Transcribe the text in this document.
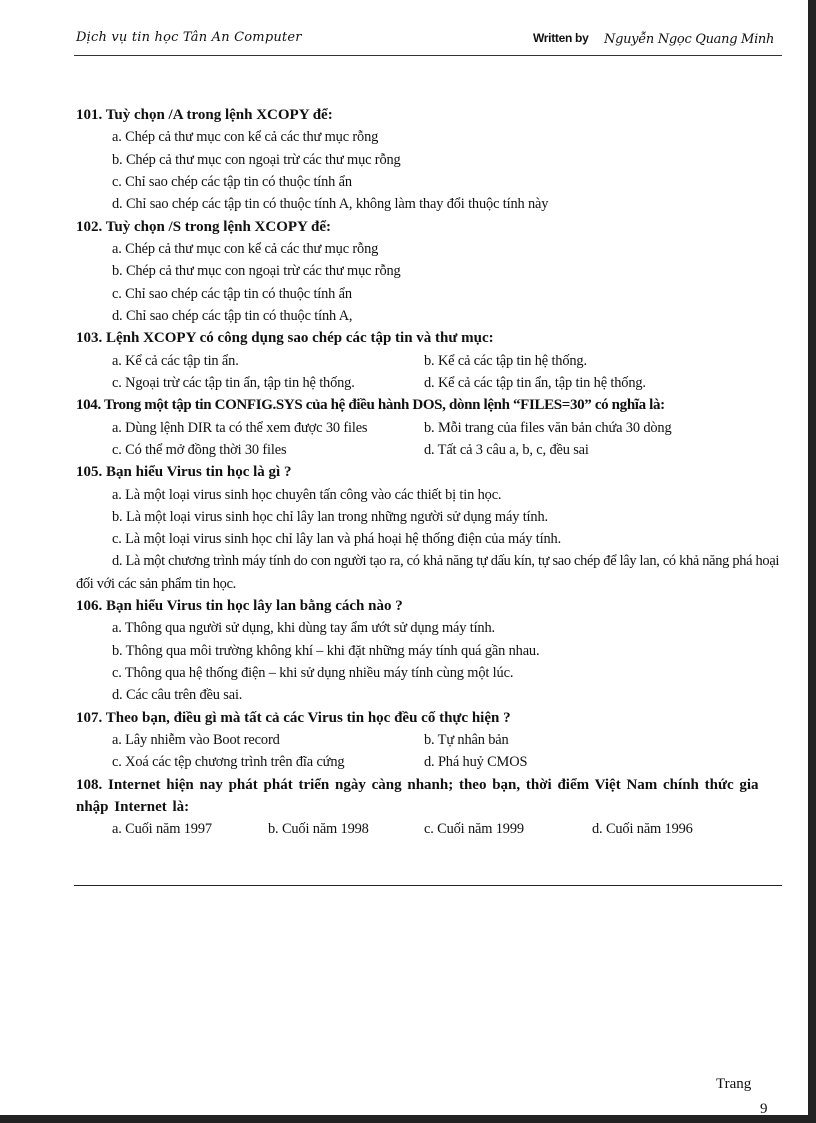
Dịch vụ tin học Tân An Computer	Written by Nguyễn Ngọc Quang Minh
101. Tuỳ chọn /A trong lệnh XCOPY để:
a. Chép cả thư mục con kể cả các thư mục rỗng
b. Chép cả thư mục con ngoại trừ các thư mục rỗng
c. Chỉ sao chép các tập tin có thuộc tính ẩn
d. Chỉ sao chép các tập tin có thuộc tính A, không làm thay đổi thuộc tính này
102. Tuỳ chọn /S trong lệnh XCOPY để:
a. Chép cả thư mục con kể cả các thư mục rỗng
b. Chép cả thư mục con ngoại trừ các thư mục rỗng
c. Chỉ sao chép các tập tin có thuộc tính ẩn
d. Chỉ sao chép các tập tin có thuộc tính A,
103. Lệnh XCOPY có công dụng sao chép các tập tin và thư mục:
a. Kể cả các tập tin ẩn.	b. Kể cả các tập tin hệ thống.
c. Ngoại trừ các tập tin ẩn, tập tin hệ thống.	d. Kể cả các tập tin ẩn, tập tin hệ thống.
104. Trong một tập tin CONFIG.SYS của hệ điều hành DOS, dònn lệnh “FILES=30” có nghĩa là:
a. Dùng lệnh DIR ta có thể xem được 30 files	b. Mỗi trang của files văn bản chứa 30 dòng
c. Có thể mở đồng thời 30 files	d. Tất cả 3 câu a, b, c, đều sai
105. Bạn hiểu Virus tin học là gì ?
a. Là một loại virus sinh học chuyên tấn công vào các thiết bị tin học.
b. Là một loại virus sinh học chỉ lây lan trong những người sử dụng máy tính.
c. Là một loại virus sinh học chỉ lây lan và phá hoại hệ thống điện của máy tính.
d. Là một chương trình máy tính do con người tạo ra, có khả năng tự dấu kín, tự sao chép để lây lan, có khả năng phá hoại đối với các sản phẩm tin học.
106. Bạn hiểu Virus tin học lây lan bằng cách nào ?
a. Thông qua người sử dụng, khi dùng tay ẩm ướt sử dụng máy tính.
b. Thông qua môi trường không khí – khi đặt những máy tính quá gần nhau.
c. Thông qua hệ thống điện – khi sử dụng nhiều máy tính cùng một lúc.
d. Các câu trên đều sai.
107. Theo bạn, điều gì mà tất cả các Virus tin học đều cố thực hiện ?
a. Lây nhiễm vào Boot record	b. Tự nhân bản
c. Xoá các tệp chương trình trên đĩa cứng	d. Phá huỷ CMOS
108. Internet hiện nay phát phát triển ngày càng nhanh; theo bạn, thời điểm Việt Nam chính thức gia nhập Internet là:
a. Cuối năm 1997	b. Cuối năm 1998	c. Cuối năm 1999	d. Cuối năm 1996
Trang
9
